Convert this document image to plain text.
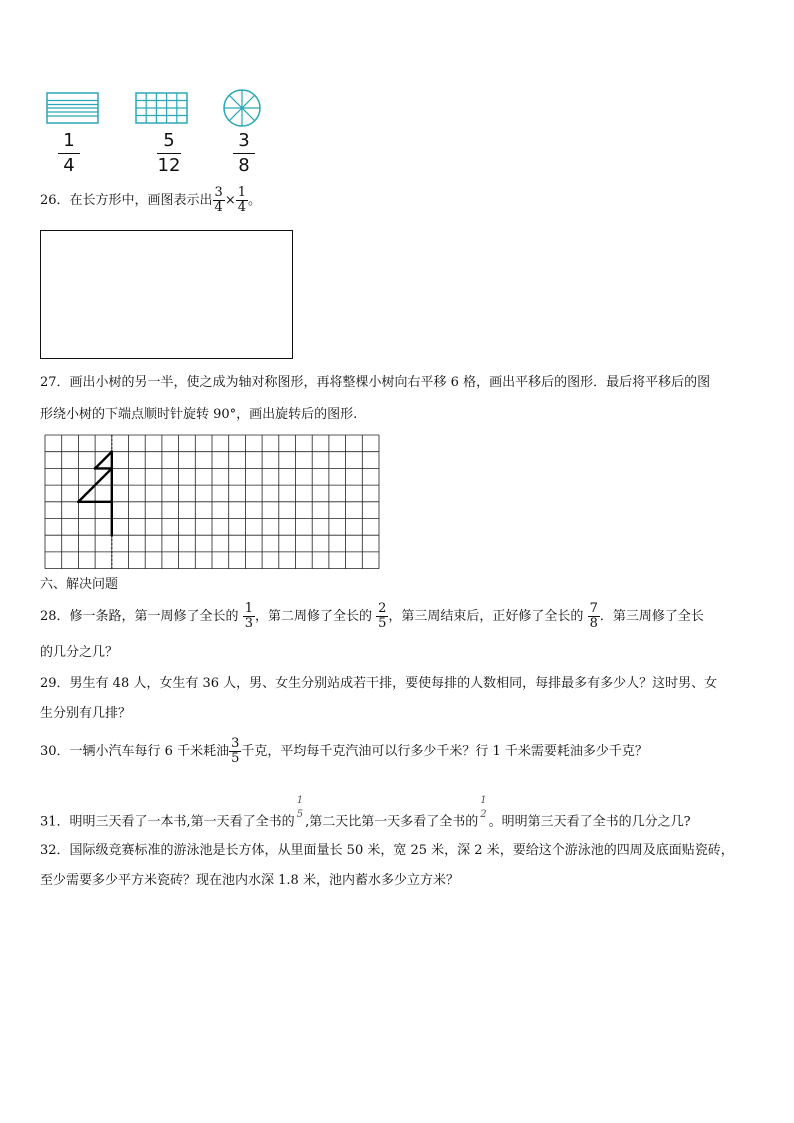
1
4
5
12
3
8
26．在长方形中，画图表示出 $\frac{3}{4} \times \frac{1}{4}$ 。
27．画出小树的另一半，使之成为轴对称图形，再将整棵小树向右平移 6 格，画出平移后的图形．最后将平移后的图
形绕小树的下端点顺时针旋转 90°，画出旋转后的图形.
六、解决问题
28．修一条路，第一周修了全长的 $\frac{1}{3}$ ，第二周修了全长的 $\frac{2}{5}$ ，第三周结束后，正好修了全长的 $\frac{7}{8}$ ．第三周修了全长
的几分之几？
29．男生有 48 人，女生有 36 人，男、女生分别站成若干排，要使每排的人数相同，每排最多有多少人？这时男、女
生分别有几排？
30．一辆小汽车每行 6 千米耗油 $\frac{3}{5}$ 千克，平均每千克汽油可以行多少千米？行 1 千米需要耗油多少千克？
31．明明三天看了一本书,第一天看了全书的
1
5 ,第二天比第一天多看了全书的
1
2 。明明第三天看了全书的几分之几?
32．国际级竞赛标准的游泳池是长方体，从里面量长 50 米，宽 25 米，深 2 米，要给这个游泳池的四周及底面贴瓷砖，
至少需要多少平方米瓷砖？现在池内水深 1.8 米，池内蓄水多少立方米？
